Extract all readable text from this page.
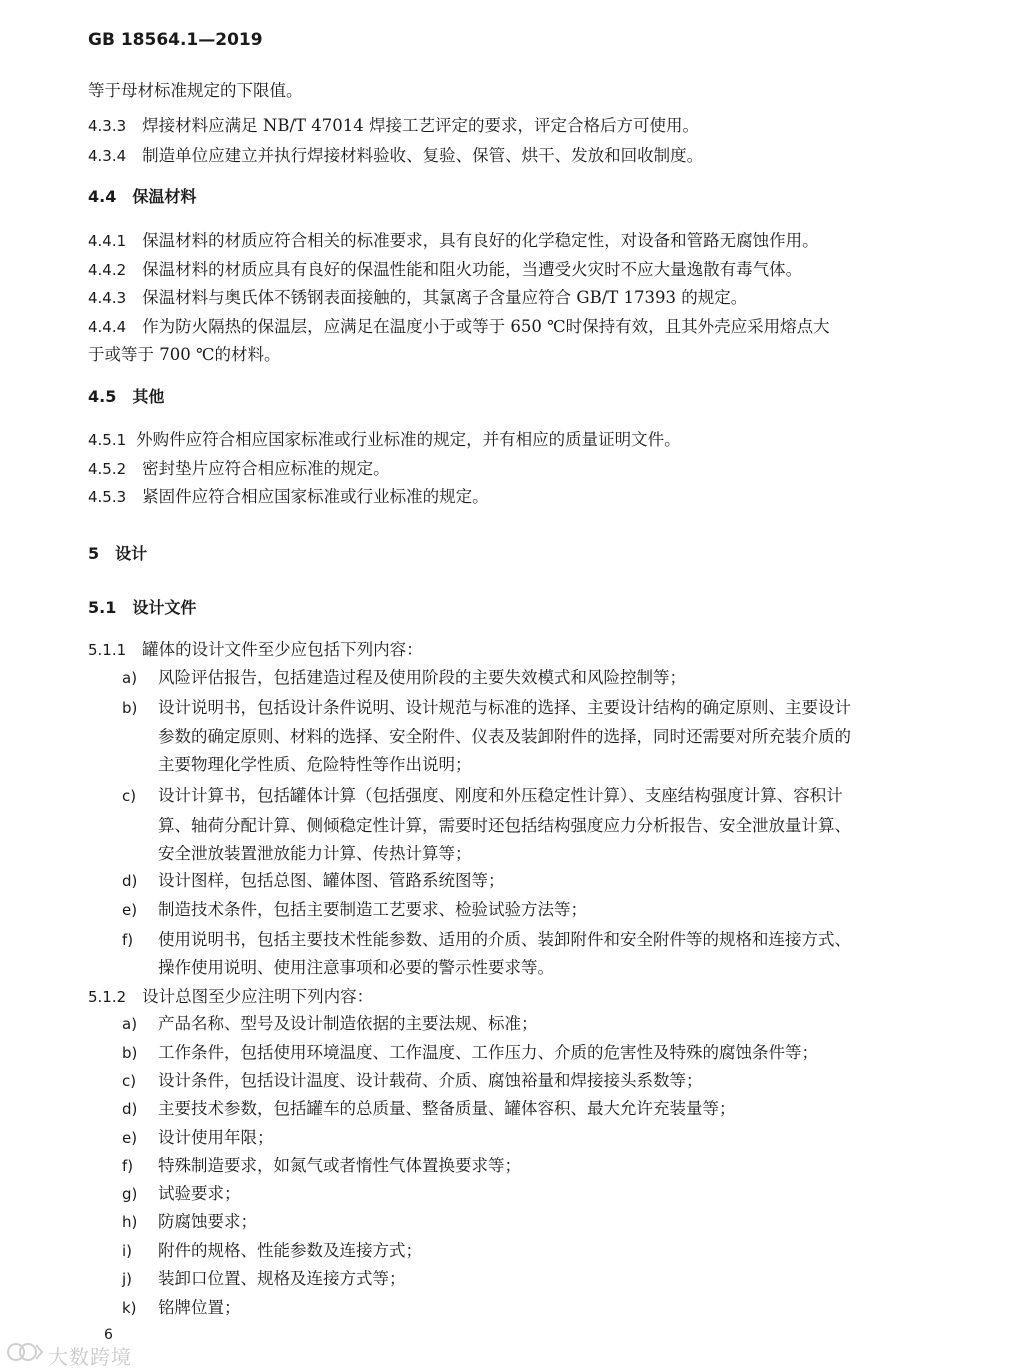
GB 18564.1—2019
等于母材标准规定的下限值。
4.3.3 焊接材料应满足 NB/T 47014 焊接工艺评定的要求，评定合格后方可使用。
4.3.4 制造单位应建立并执行焊接材料验收、复验、保管、烘干、发放和回收制度。
4.4 保温材料
4.4.1 保温材料的材质应符合相关的标准要求，具有良好的化学稳定性，对设备和管路无腐蚀作用。
4.4.2 保温材料的材质应具有良好的保温性能和阻火功能，当遭受火灾时不应大量逸散有毒气体。
4.4.3 保温材料与奥氏体不锈钢表面接触的，其氯离子含量应符合 GB/T 17393 的规定。
4.4.4 作为防火隔热的保温层，应满足在温度小于或等于 650 ℃时保持有效，且其外壳应采用熔点大
于或等于 700 ℃的材料。
4.5 其他
4.5.1 外购件应符合相应国家标准或行业标准的规定，并有相应的质量证明文件。
4.5.2 密封垫片应符合相应标准的规定。
4.5.3 紧固件应符合相应国家标准或行业标准的规定。
5 设计
5.1 设计文件
5.1.1 罐体的设计文件至少应包括下列内容：
a) 风险评估报告，包括建造过程及使用阶段的主要失效模式和风险控制等；
b) 设计说明书，包括设计条件说明、设计规范与标准的选择、主要设计结构的确定原则、主要设计
参数的确定原则、材料的选择、安全附件、仪表及装卸附件的选择，同时还需要对所充装介质的
主要物理化学性质、危险特性等作出说明；
c) 设计计算书，包括罐体计算（包括强度、刚度和外压稳定性计算）、支座结构强度计算、容积计
算、轴荷分配计算、侧倾稳定性计算，需要时还包括结构强度应力分析报告、安全泄放量计算、
安全泄放装置泄放能力计算、传热计算等；
d) 设计图样，包括总图、罐体图、管路系统图等；
e) 制造技术条件，包括主要制造工艺要求、检验试验方法等；
f) 使用说明书，包括主要技术性能参数、适用的介质、装卸附件和安全附件等的规格和连接方式、
操作使用说明、使用注意事项和必要的警示性要求等。
5.1.2 设计总图至少应注明下列内容：
a) 产品名称、型号及设计制造依据的主要法规、标准；
b) 工作条件，包括使用环境温度、工作温度、工作压力、介质的危害性及特殊的腐蚀条件等；
c) 设计条件，包括设计温度、设计载荷、介质、腐蚀裕量和焊接接头系数等；
d) 主要技术参数，包括罐车的总质量、整备质量、罐体容积、最大允许充装量等；
e) 设计使用年限；
f) 特殊制造要求，如氮气或者惰性气体置换要求等；
g) 试验要求；
h) 防腐蚀要求；
i) 附件的规格、性能参数及连接方式；
j) 装卸口位置、规格及连接方式等；
k) 铭牌位置；
6
大数跨境
